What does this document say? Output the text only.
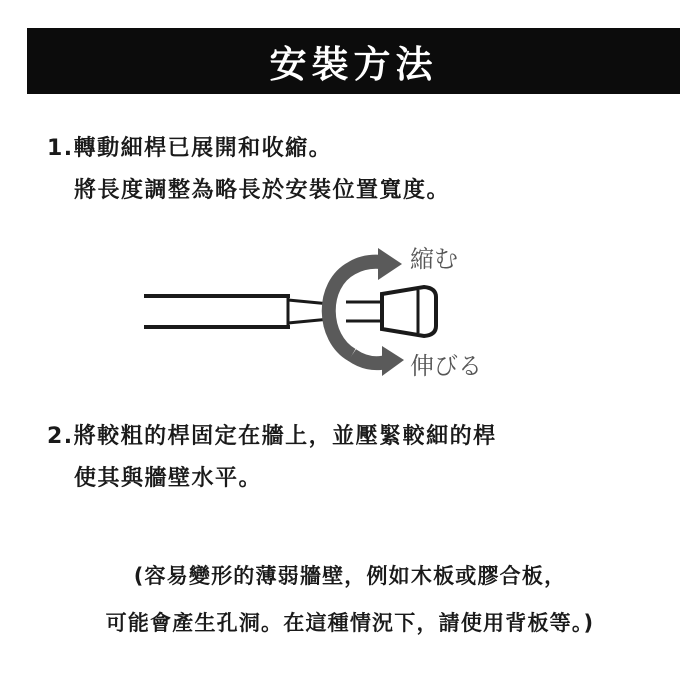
安裝方法
1.轉動細桿已展開和收縮。
將長度調整為略長於安裝位置寬度。
縮む
伸びる
2.將較粗的桿固定在牆上，並壓緊較細的桿
使其與牆壁水平。
(容易變形的薄弱牆壁，例如木板或膠合板，
可能會產生孔洞。在這種情況下，請使用背板等。)
